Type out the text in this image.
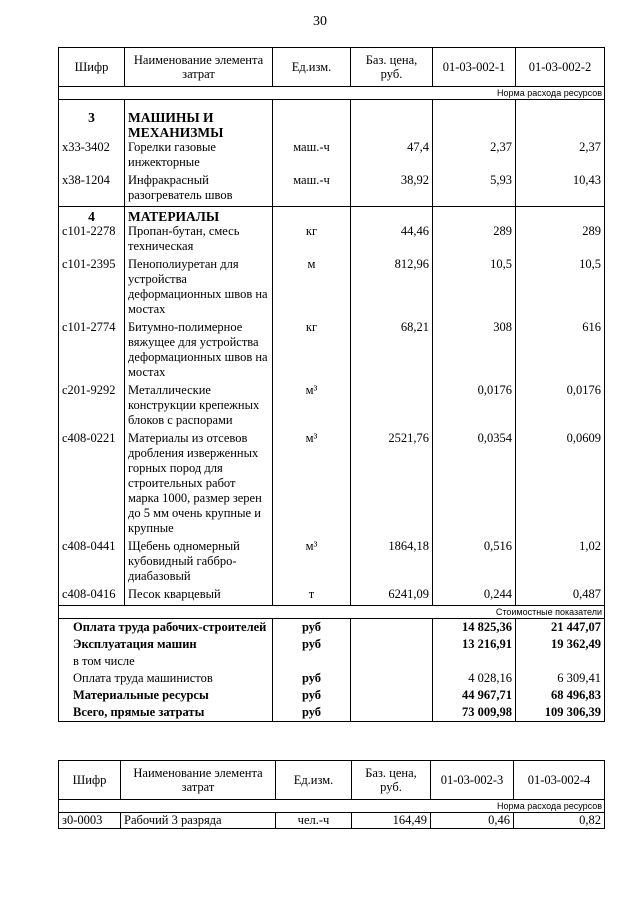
30
Шифр	Наименование элемента затрат	Ед.изм.	Баз. цена, руб.	01-03-002-1	01-03-002-2
Норма расхода ресурсов					
3	МАШИНЫ И МЕХАНИЗМЫ				
х33-3402	Горелки газовые инжекторные	маш.-ч	47,4	2,37	2,37
х38-1204	Инфракрасный разогреватель швов	маш.-ч	38,92	5,93	10,43
4	МАТЕРИАЛЫ				
с101-2278	Пропан-бутан, смесь техническая	кг	44,46	289	289
с101-2395	Пенополиуретан для устройства деформационных швов на мостах	м	812,96	10,5	10,5
с101-2774	Битумно-полимерное вяжущее для устройства деформационных швов на мостах	кг	68,21	308	616
с201-9292	Металлические конструкции крепежных блоков с распорами	м³		0,0176	0,0176
с408-0221	Материалы из отсевов дробления изверженных горных пород для строительных работ марка 1000, размер зерен до 5 мм очень крупные и крупные	м³	2521,76	0,0354	0,0609
с408-0441	Щебень одномерный кубовидный габбро-диабазовый	м³	1864,18	0,516	1,02
с408-0416	Песок кварцевый	т	6241,09	0,244	0,487
Стоимостные показатели					
Оплата труда рабочих-строителей		руб		14 825,36	21 447,07
Эксплуатация машин		руб		13 216,91	19 362,49
в том числе					
Оплата труда машинистов		руб		4 028,16	6 309,41
Материальные ресурсы		руб		44 967,71	68 496,83
Всего, прямые затраты		руб		73 009,98	109 306,39
Шифр	Наименование элемента затрат	Ед.изм.	Баз. цена, руб.	01-03-002-3	01-03-002-4
Норма расхода ресурсов					
з0-0003	Рабочий 3 разряда	чел.-ч	164,49	0,46	0,82
